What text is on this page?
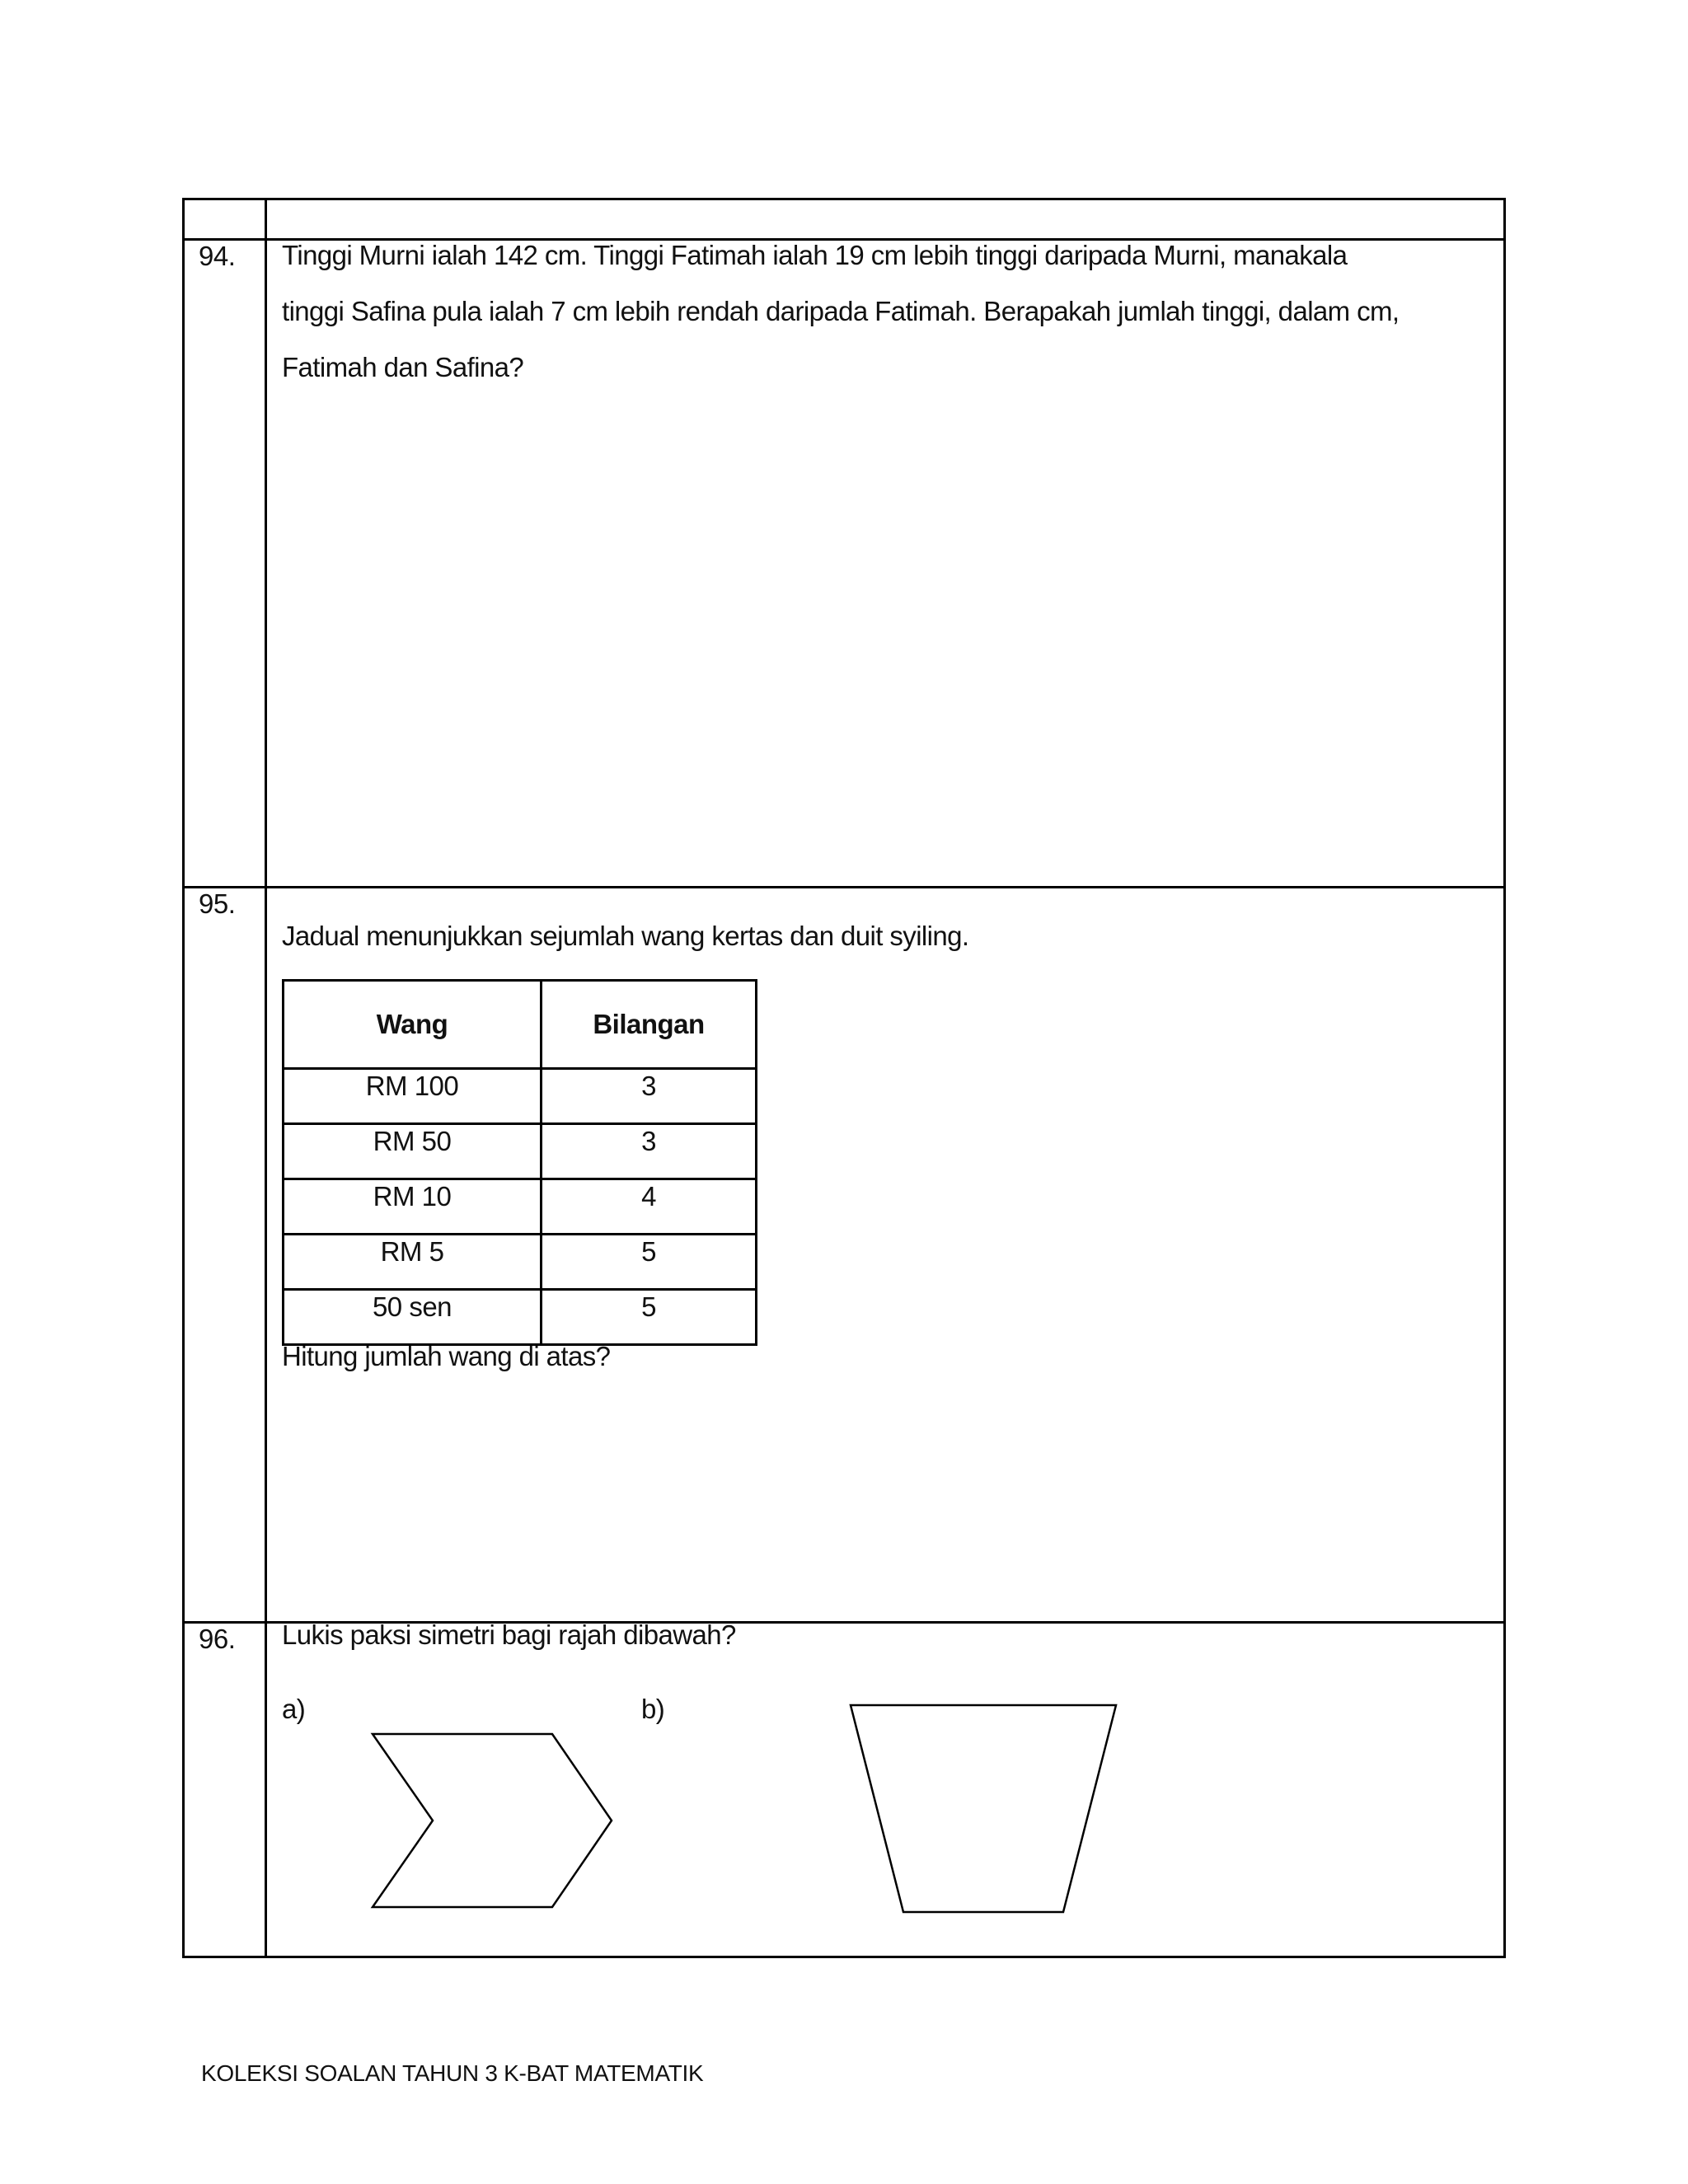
94. Tinggi Murni ialah 142 cm. Tinggi Fatimah ialah 19 cm lebih tinggi daripada Murni, manakala
tinggi Safina pula ialah 7 cm lebih rendah daripada Fatimah. Berapakah jumlah tinggi, dalam cm,
Fatimah dan Safina?
95.
Jadual menunjukkan sejumlah wang kertas dan duit syiling.
Wang	Bilangan
RM 100	3
RM 50	3
RM 10	4
RM 5	5
50 sen	5
Hitung jumlah wang di atas?
96. Lukis paksi simetri bagi rajah dibawah?
a)	b)
KOLEKSI SOALAN TAHUN 3 K-BAT MATEMATIK
